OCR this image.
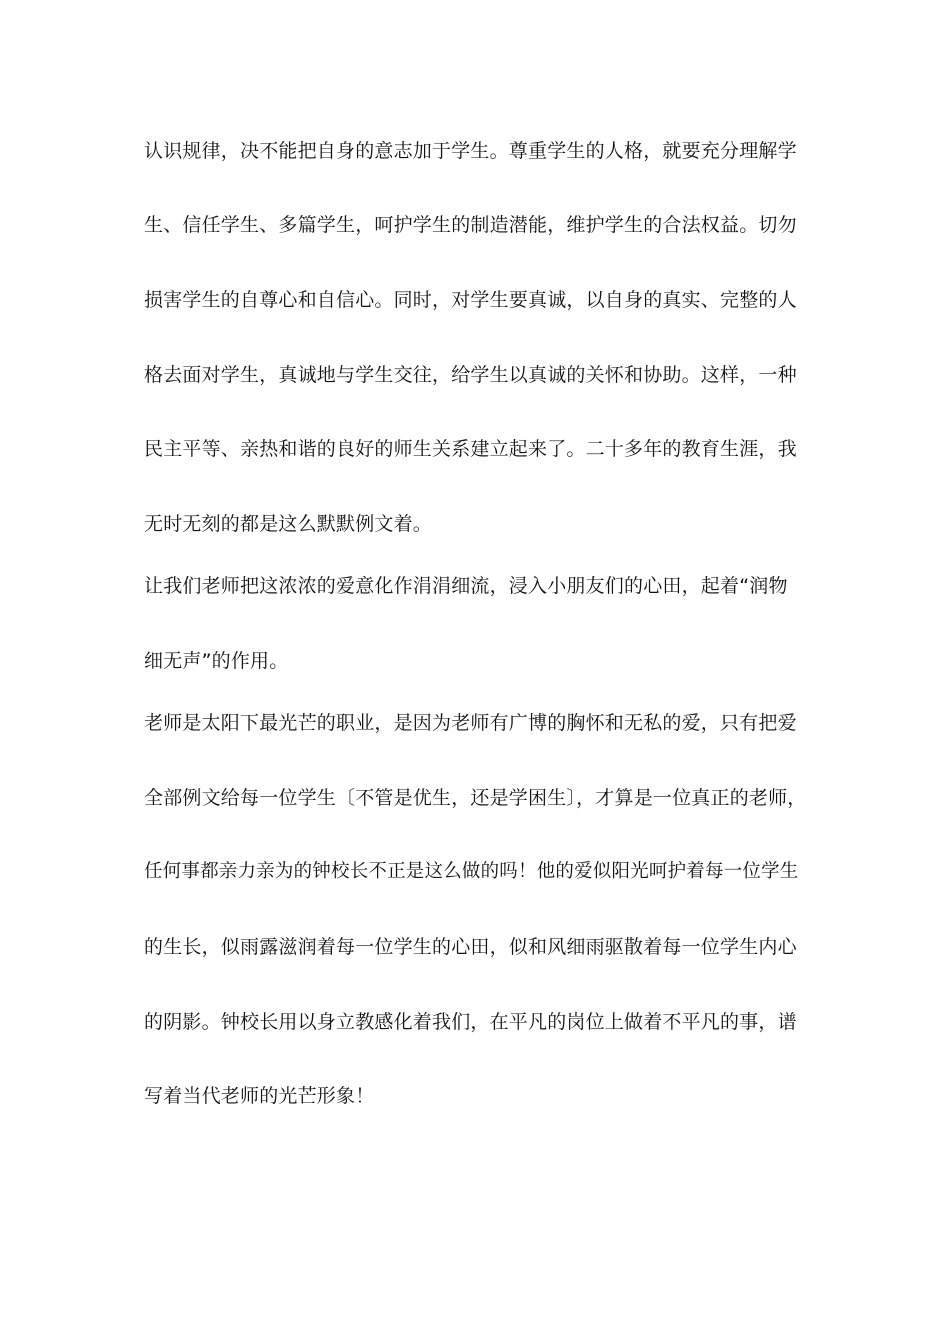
认识规律，决不能把自身的意志加于学生。尊重学生的人格，就要充分理解学
生、信任学生、多篇学生，呵护学生的制造潜能，维护学生的合法权益。切勿
损害学生的自尊心和自信心。同时，对学生要真诚，以自身的真实、完整的人
格去面对学生，真诚地与学生交往，给学生以真诚的关怀和协助。这样，一种
民主平等、亲热和谐的良好的师生关系建立起来了。二十多年的教育生涯，我
无时无刻的都是这么默默例文着。
让我们老师把这浓浓的爱意化作涓涓细流，浸入小朋友们的心田，起着“润物
细无声”的作用。
老师是太阳下最光芒的职业，是因为老师有广博的胸怀和无私的爱，只有把爱
全部例文给每一位学生〔不管是优生，还是学困生〕，才算是一位真正的老师，
任何事都亲力亲为的钟校长不正是这么做的吗！他的爱似阳光呵护着每一位学生
的生长，似雨露滋润着每一位学生的心田，似和风细雨驱散着每一位学生内心
的阴影。钟校长用以身立教感化着我们，在平凡的岗位上做着不平凡的事，谱
写着当代老师的光芒形象！
